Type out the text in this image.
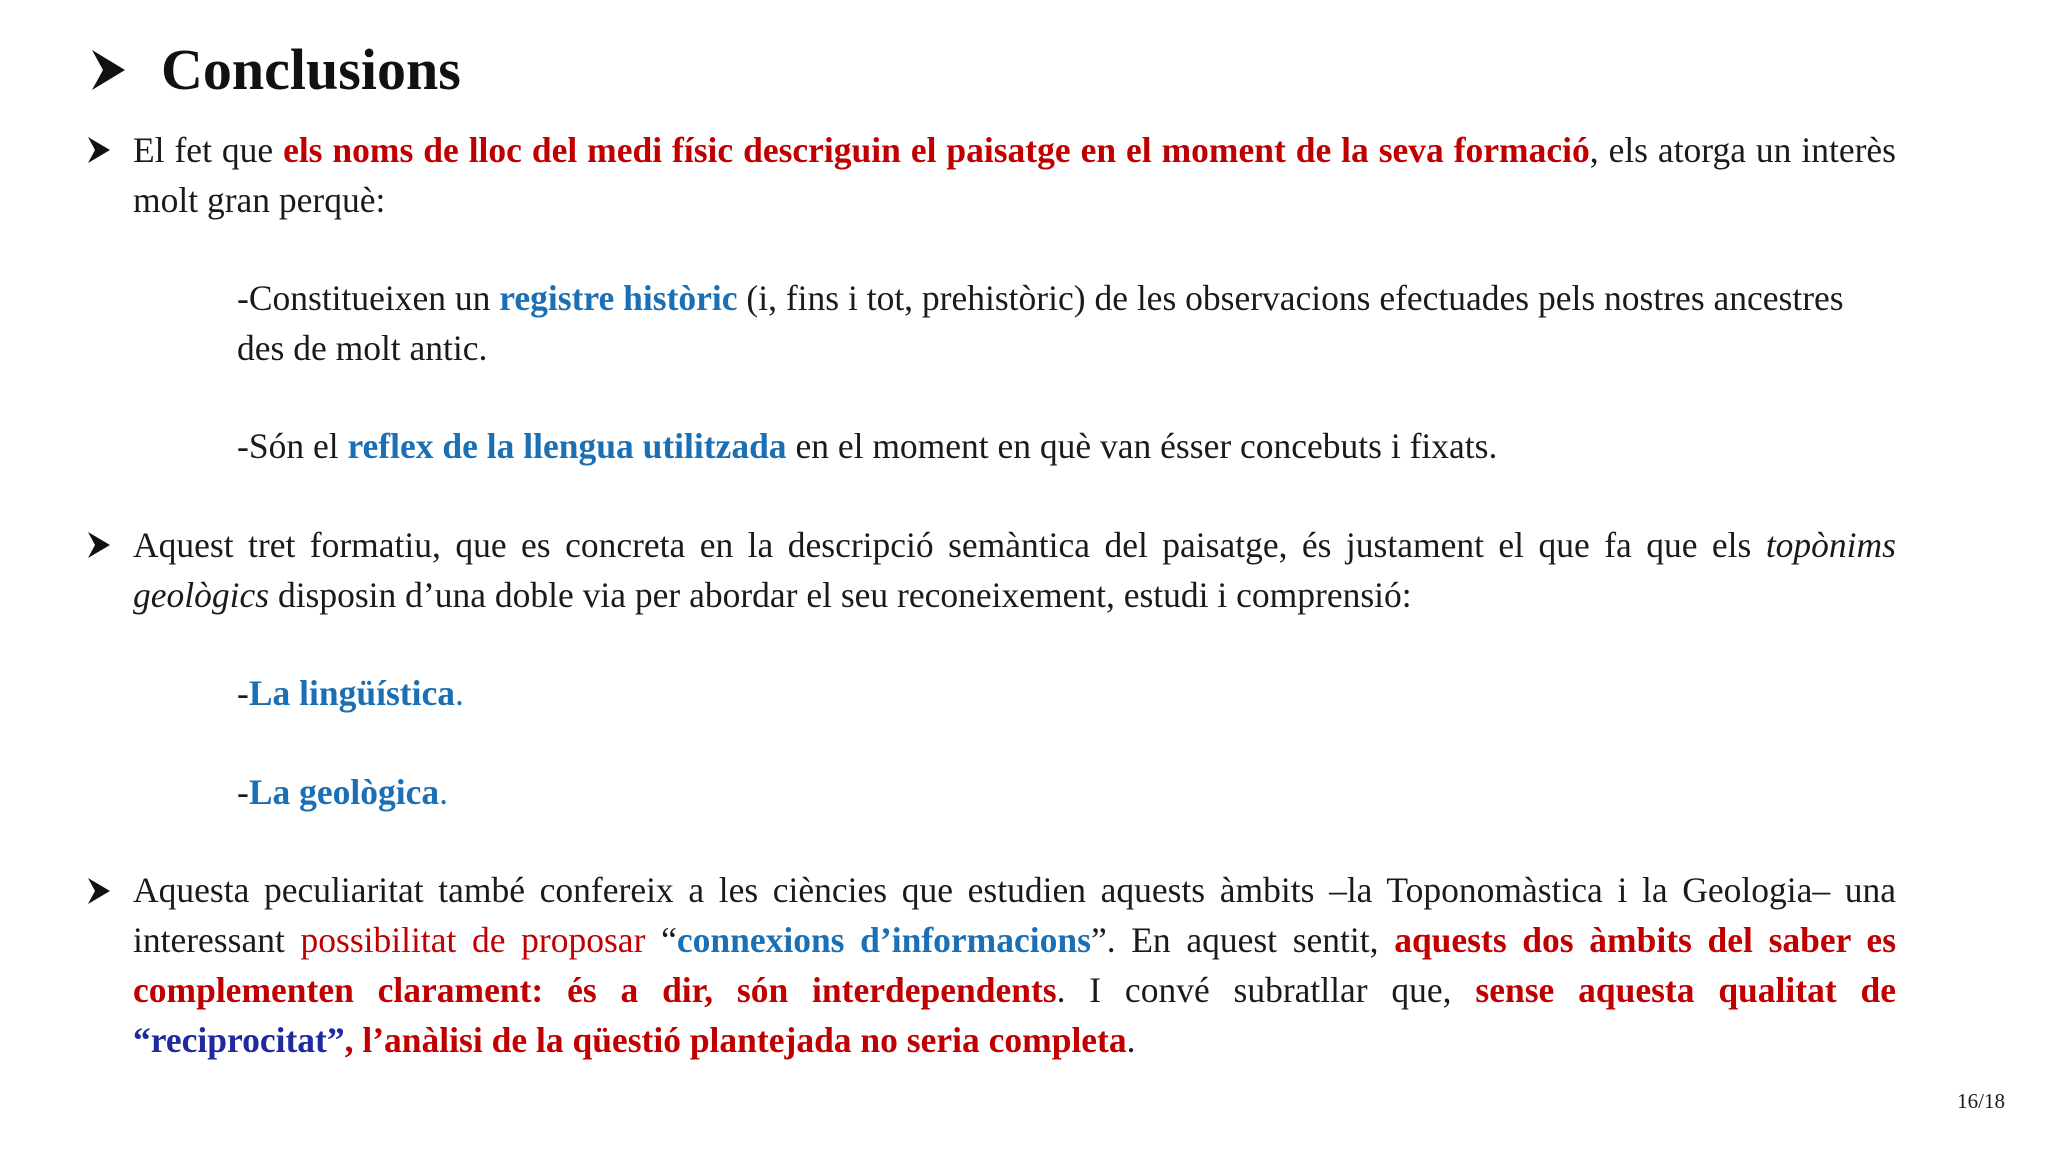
Conclusions

El fet que els noms de lloc del medi físic descriguin el paisatge en el moment de la seva formació, els atorga un interès molt gran perquè:

-Constitueixen un registre històric (i, fins i tot, prehistòric) de les observacions efectuades pels nostres ancestres des de molt antic.

-Són el reflex de la llengua utilitzada en el moment en què van ésser concebuts i fixats.

Aquest tret formatiu, que es concreta en la descripció semàntica del paisatge, és justament el que fa que els topònims geològics disposin d’una doble via per abordar el seu reconeixement, estudi i comprensió:

-La lingüística.

-La geològica.

Aquesta peculiaritat també confereix a les ciències que estudien aquests àmbits –la Toponomàstica i la Geologia– una interessant possibilitat de proposar “connexions d’informacions”. En aquest sentit, aquests dos àmbits del saber es complementen clarament: és a dir, són interdependents. I convé subratllar que, sense aquesta qualitat de “reciprocitat”, l’anàlisi de la qüestió plantejada no seria completa.

16/18
